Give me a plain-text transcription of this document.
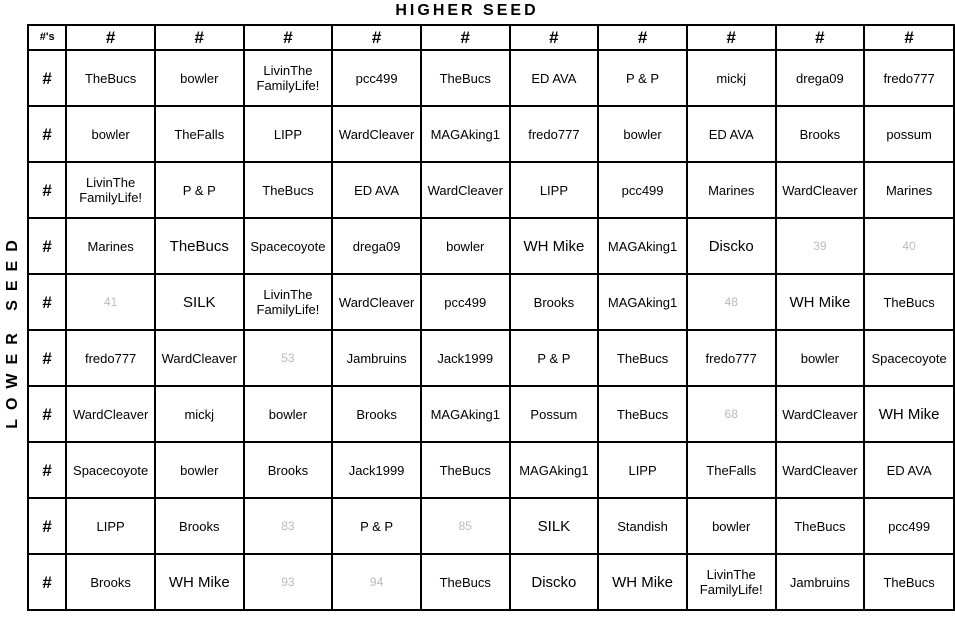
HIGHER SEED
LOWER SEED
#'s	#	#	#	#	#	#	#	#	#	#
#	TheBucs	bowler	LivinThe
FamilyLife!	pcc499	TheBucs	ED AVA	P & P	mickj	drega09	fredo777
#	bowler	TheFalls	LIPP	WardCleaver	MAGAking1	fredo777	bowler	ED AVA	Brooks	possum
#	LivinThe
FamilyLife!	P & P	TheBucs	ED AVA	WardCleaver	LIPP	pcc499	Marines	WardCleaver	Marines
#	Marines	TheBucs	Spacecoyote	drega09	bowler	WH Mike	MAGAking1	Discko	39	40
#	41	SILK	LivinThe
FamilyLife!	WardCleaver	pcc499	Brooks	MAGAking1	48	WH Mike	TheBucs
#	fredo777	WardCleaver	53	Jambruins	Jack1999	P & P	TheBucs	fredo777	bowler	Spacecoyote
#	WardCleaver	mickj	bowler	Brooks	MAGAking1	Possum	TheBucs	68	WardCleaver	WH Mike
#	Spacecoyote	bowler	Brooks	Jack1999	TheBucs	MAGAking1	LIPP	TheFalls	WardCleaver	ED AVA
#	LIPP	Brooks	83	P & P	85	SILK	Standish	bowler	TheBucs	pcc499
#	Brooks	WH Mike	93	94	TheBucs	Discko	WH Mike	LivinThe
FamilyLife!	Jambruins	TheBucs
